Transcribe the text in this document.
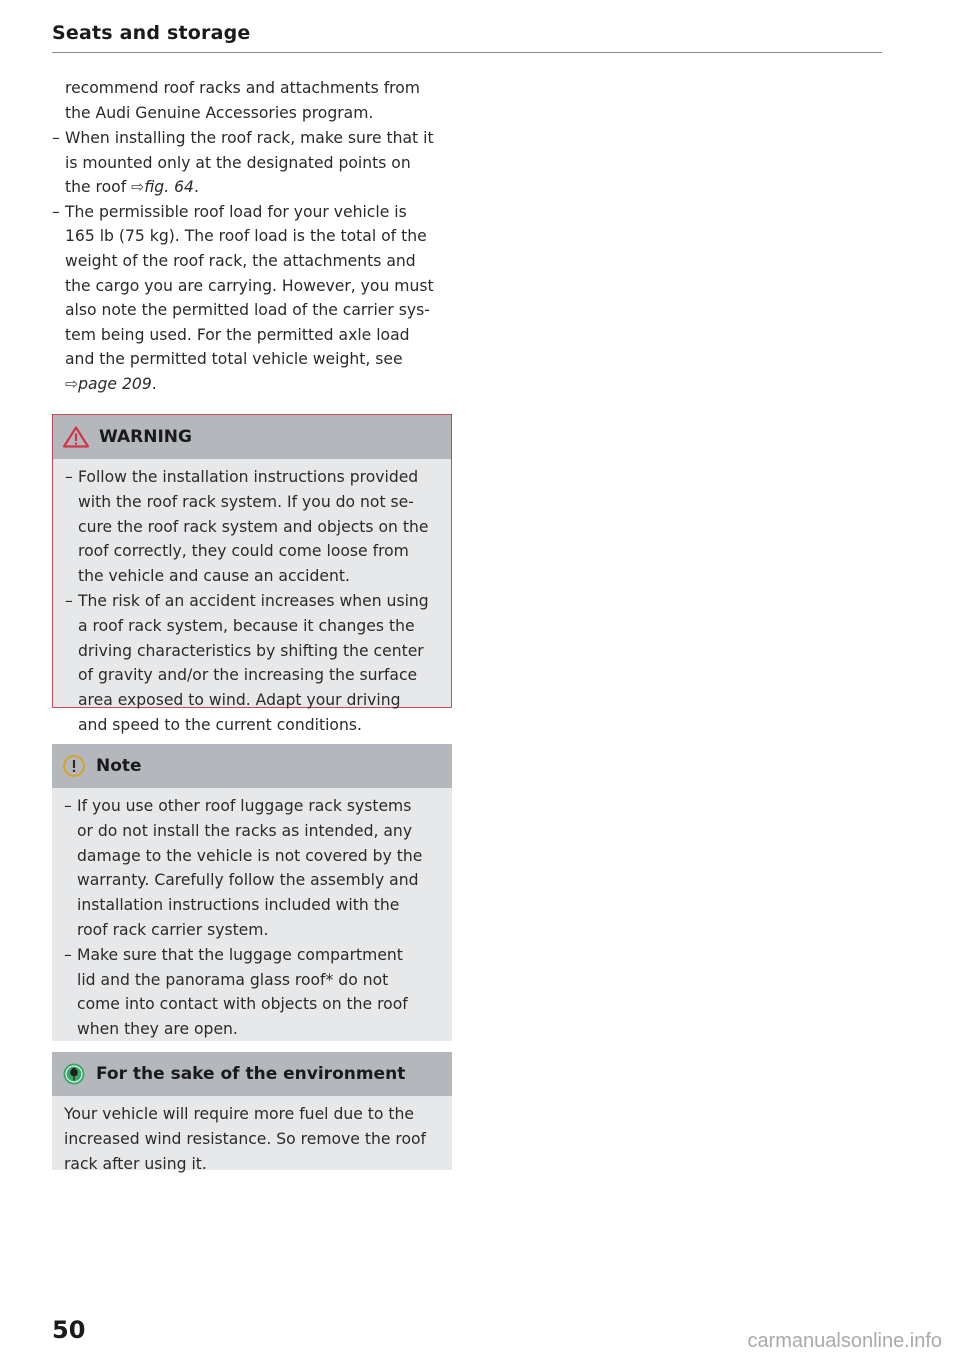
Seats and storage
recommend roof racks and attachments from
the Audi Genuine Accessories program.
– When installing the roof rack, make sure that it
is mounted only at the designated points on
the roof ⇨fig. 64.
– The permissible roof load for your vehicle is
165 lb (75 kg). The roof load is the total of the
weight of the roof rack, the attachments and
the cargo you are carrying. However, you must
also note the permitted load of the carrier sys-
tem being used. For the permitted axle load
and the permitted total vehicle weight, see
⇨page 209.
WARNING
– Follow the installation instructions provided
with the roof rack system. If you do not se-
cure the roof rack system and objects on the
roof correctly, they could come loose from
the vehicle and cause an accident.
– The risk of an accident increases when using
a roof rack system, because it changes the
driving characteristics by shifting the center
of gravity and/or the increasing the surface
area exposed to wind. Adapt your driving
and speed to the current conditions.
Note
– If you use other roof luggage rack systems
or do not install the racks as intended, any
damage to the vehicle is not covered by the
warranty. Carefully follow the assembly and
installation instructions included with the
roof rack carrier system.
– Make sure that the luggage compartment
lid and the panorama glass roof* do not
come into contact with objects on the roof
when they are open.
For the sake of the environment
Your vehicle will require more fuel due to the
increased wind resistance. So remove the roof
rack after using it.
50	carmanualsonline.info
